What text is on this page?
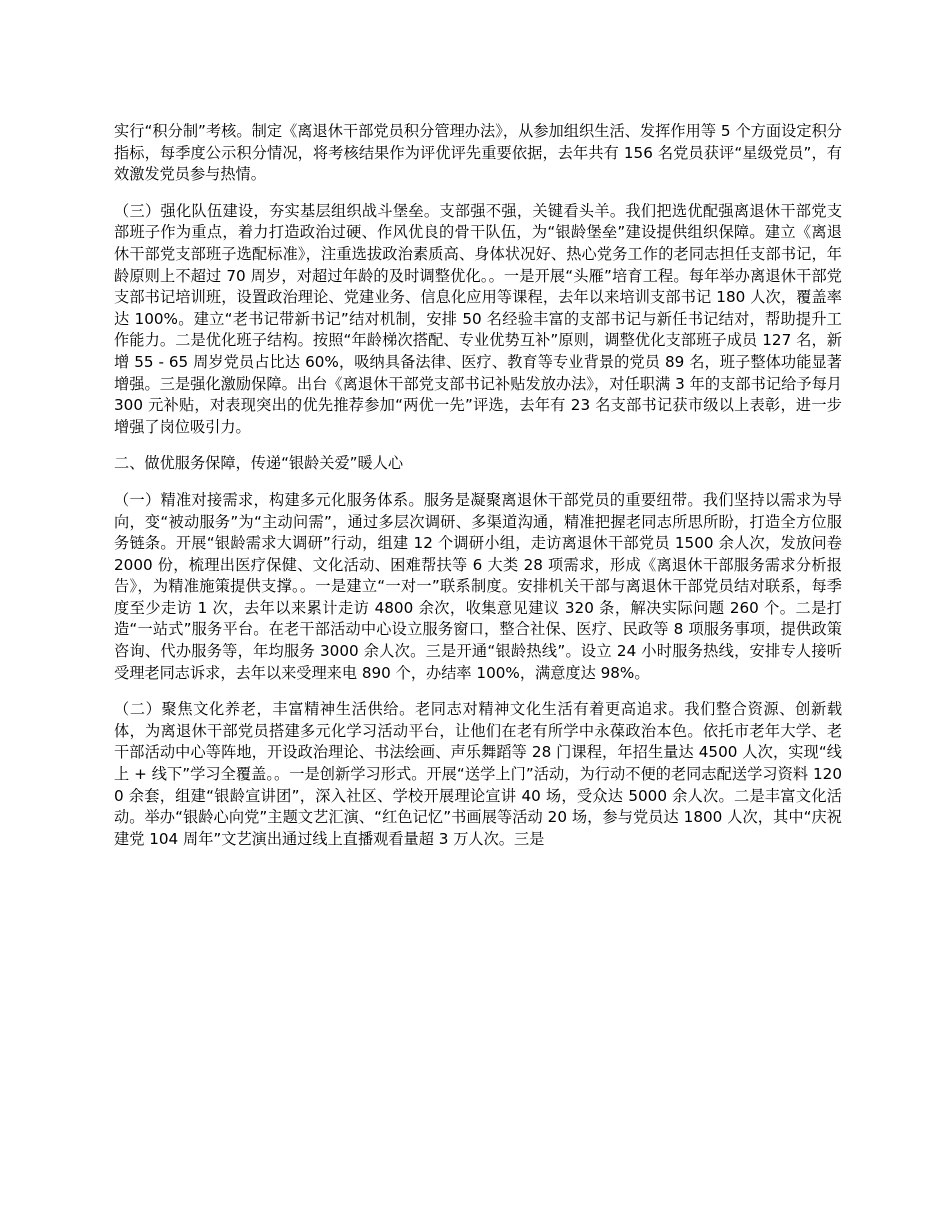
实行“积分制”考核。制定《离退休干部党员积分管理办法》，从参加组织生活、发挥作用等 5 个方面设定积分指标，每季度公示积分情况，将考核结果作为评优评先重要依据，去年共有 156 名党员获评“星级党员”，有效激发党员参与热情。

（三）强化队伍建设，夯实基层组织战斗堡垒。支部强不强，关键看头羊。我们把选优配强离退休干部党支部班子作为重点，着力打造政治过硬、作风优良的骨干队伍，为“银龄堡垒”建设提供组织保障。建立《离退休干部党支部班子选配标准》，注重选拔政治素质高、身体状况好、热心党务工作的老同志担任支部书记，年龄原则上不超过 70 周岁，对超过年龄的及时调整优化。。一是开展“头雁”培育工程。每年举办离退休干部党支部书记培训班，设置政治理论、党建业务、信息化应用等课程，去年以来培训支部书记 180 人次，覆盖率达 100%。建立“老书记带新书记”结对机制，安排 50 名经验丰富的支部书记与新任书记结对，帮助提升工作能力。二是优化班子结构。按照“年龄梯次搭配、专业优势互补”原则，调整优化支部班子成员 127 名，新增 55 - 65 周岁党员占比达 60%，吸纳具备法律、医疗、教育等专业背景的党员 89 名，班子整体功能显著增强。三是强化激励保障。出台《离退休干部党支部书记补贴发放办法》，对任职满 3 年的支部书记给予每月 300 元补贴，对表现突出的优先推荐参加“两优一先”评选，去年有 23 名支部书记获市级以上表彰，进一步增强了岗位吸引力。

二、做优服务保障，传递“银龄关爱”暖人心

（一）精准对接需求，构建多元化服务体系。服务是凝聚离退休干部党员的重要纽带。我们坚持以需求为导向，变“被动服务”为“主动问需”，通过多层次调研、多渠道沟通，精准把握老同志所思所盼，打造全方位服务链条。开展“银龄需求大调研”行动，组建 12 个调研小组，走访离退休干部党员 1500 余人次，发放问卷 2000 份，梳理出医疗保健、文化活动、困难帮扶等 6 大类 28 项需求，形成《离退休干部服务需求分析报告》，为精准施策提供支撑。。一是建立“一对一”联系制度。安排机关干部与离退休干部党员结对联系，每季度至少走访 1 次，去年以来累计走访 4800 余次，收集意见建议 320 条，解决实际问题 260 个。二是打造“一站式”服务平台。在老干部活动中心设立服务窗口，整合社保、医疗、民政等 8 项服务事项，提供政策咨询、代办服务等，年均服务 3000 余人次。三是开通“银龄热线”。设立 24 小时服务热线，安排专人接听受理老同志诉求，去年以来受理来电 890 个，办结率 100%，满意度达 98%。

（二）聚焦文化养老，丰富精神生活供给。老同志对精神文化生活有着更高追求。我们整合资源、创新载体，为离退休干部党员搭建多元化学习活动平台，让他们在老有所学中永葆政治本色。依托市老年大学、老干部活动中心等阵地，开设政治理论、书法绘画、声乐舞蹈等 28 门课程，年招生量达 4500 人次，实现“线上 + 线下”学习全覆盖。。一是创新学习形式。开展“送学上门”活动，为行动不便的老同志配送学习资料 1200 余套，组建“银龄宣讲团”，深入社区、学校开展理论宣讲 40 场，受众达 5000 余人次。二是丰富文化活动。举办“银龄心向党”主题文艺汇演、“红色记忆”书画展等活动 20 场，参与党员达 1800 人次，其中“庆祝建党 104 周年”文艺演出通过线上直播观看量超 3 万人次。三是
